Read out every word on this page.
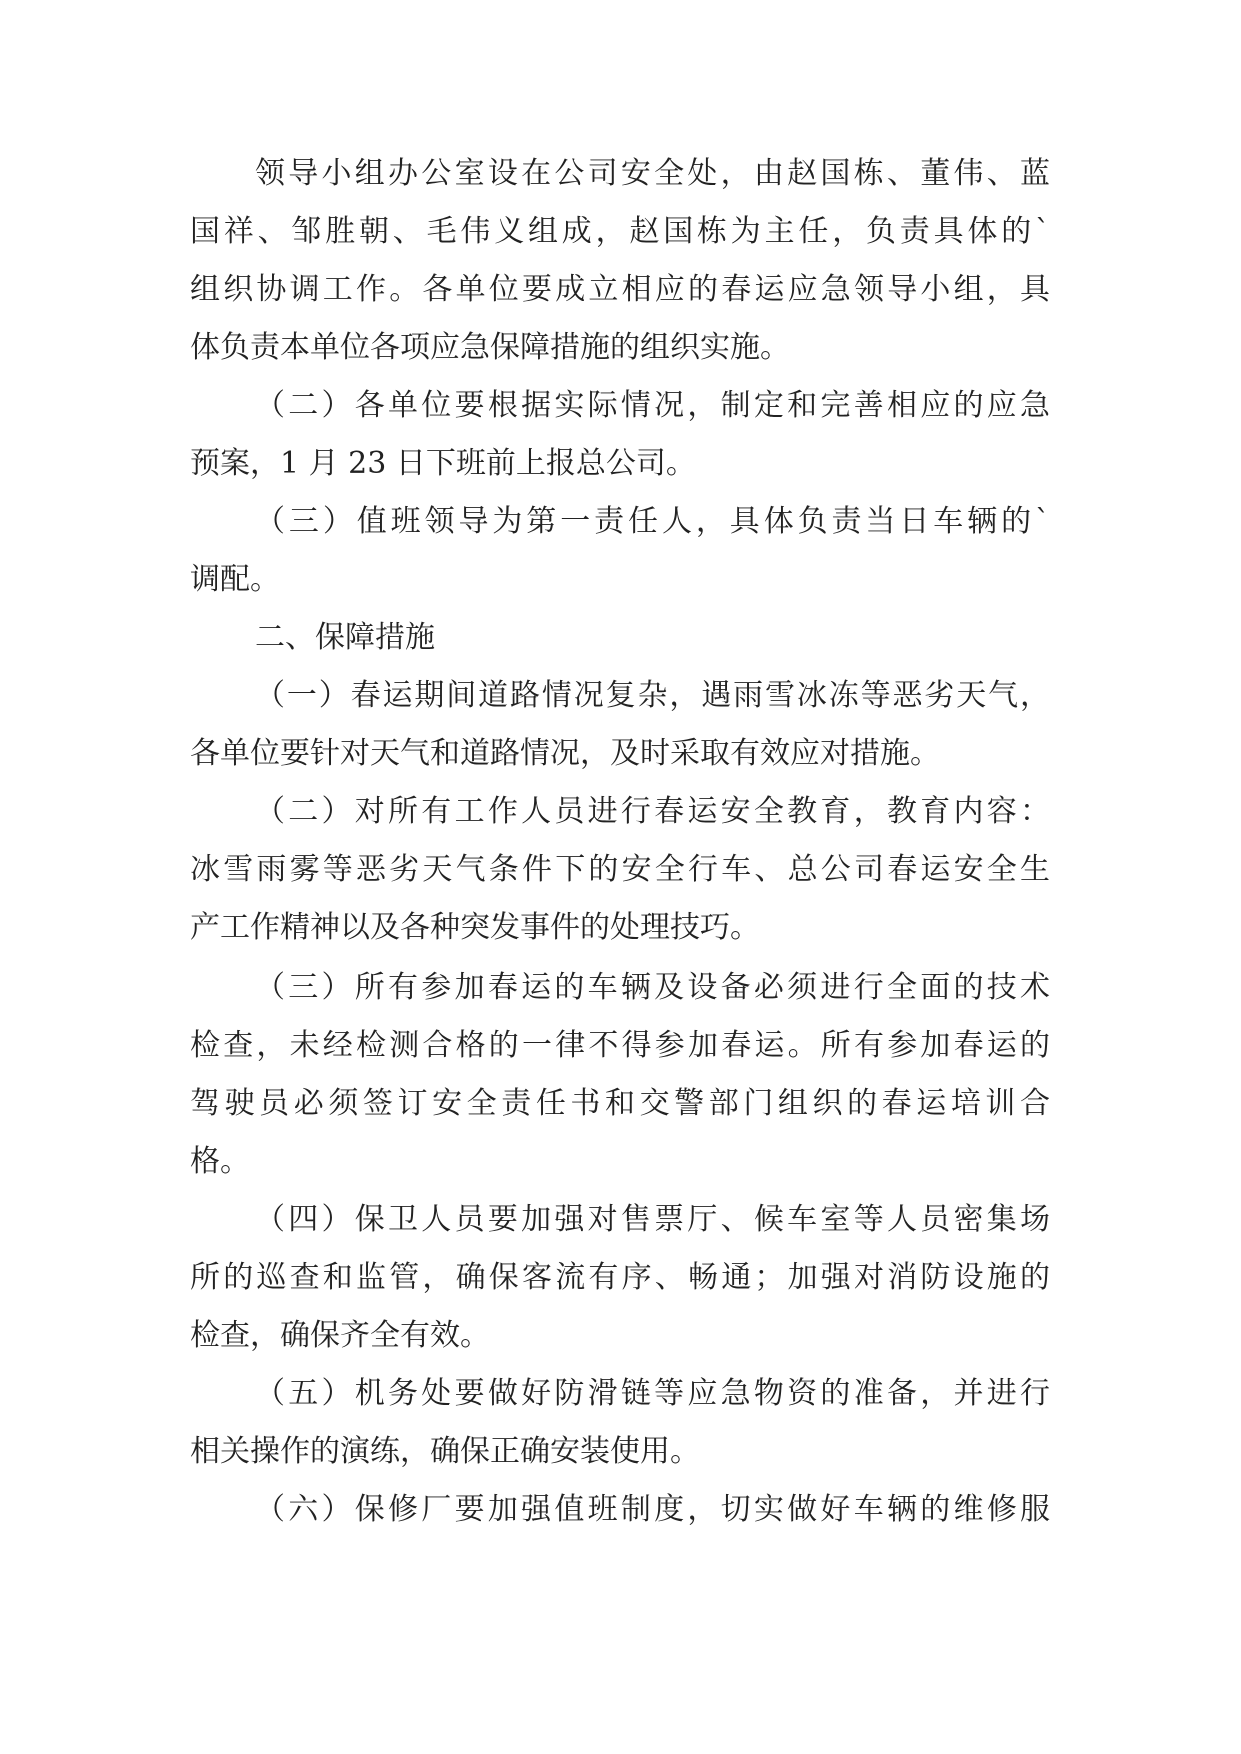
领导小组办公室设在公司安全处，由赵国栋、董伟、蓝
国祥、邹胜朝、毛伟义组成，赵国栋为主任，负责具体的`
组织协调工作。各单位要成立相应的春运应急领导小组，具
体负责本单位各项应急保障措施的组织实施。
（二）各单位要根据实际情况，制定和完善相应的应急
预案，1 月 23 日下班前上报总公司。
（三）值班领导为第一责任人，具体负责当日车辆的`
调配。
二、保障措施
（一）春运期间道路情况复杂，遇雨雪冰冻等恶劣天气，
各单位要针对天气和道路情况，及时采取有效应对措施。
（二）对所有工作人员进行春运安全教育，教育内容：
冰雪雨雾等恶劣天气条件下的安全行车、总公司春运安全生
产工作精神以及各种突发事件的处理技巧。
（三）所有参加春运的车辆及设备必须进行全面的技术
检查，未经检测合格的一律不得参加春运。所有参加春运的
驾驶员必须签订安全责任书和交警部门组织的春运培训合
格。
（四）保卫人员要加强对售票厅、候车室等人员密集场
所的巡查和监管，确保客流有序、畅通；加强对消防设施的
检查，确保齐全有效。
（五）机务处要做好防滑链等应急物资的准备，并进行
相关操作的演练，确保正确安装使用。
（六）保修厂要加强值班制度，切实做好车辆的维修服
